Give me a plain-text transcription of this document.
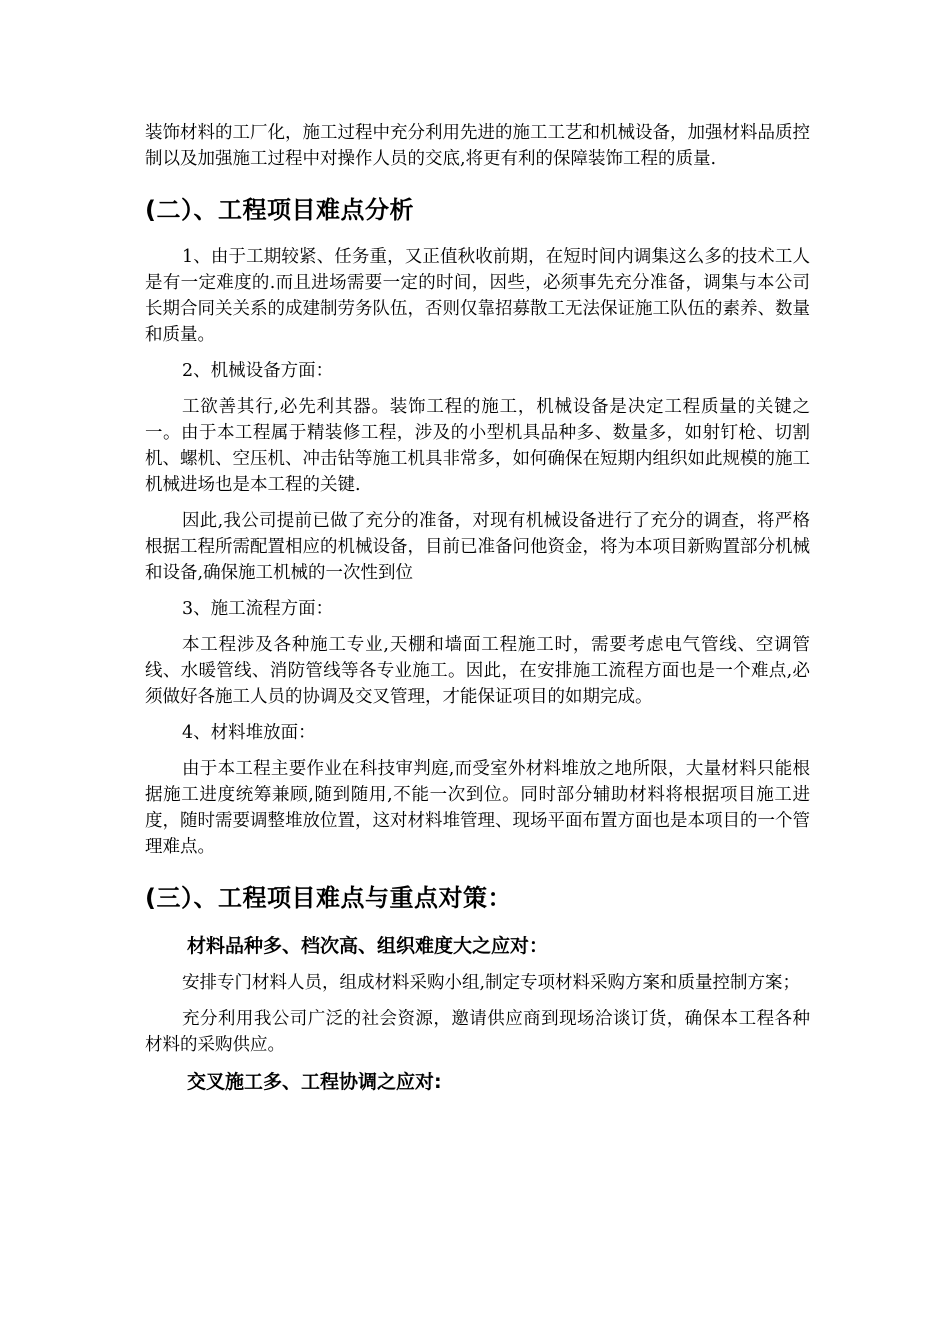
装饰材料的工厂化，施工过程中充分利用先进的施工工艺和机械设备，加强材料品质控制以及加强施工过程中对操作人员的交底,将更有利的保障装饰工程的质量.

(二）、工程项目难点分析

1、由于工期较紧、任务重，又正值秋收前期，在短时间内调集这么多的技术工人是有一定难度的.而且进场需要一定的时间，因些，必须事先充分准备，调集与本公司长期合同关关系的成建制劳务队伍，否则仅靠招募散工无法保证施工队伍的素养、数量和质量。

2、机械设备方面：

工欲善其行,必先利其器。装饰工程的施工，机械设备是决定工程质量的关键之一。由于本工程属于精装修工程，涉及的小型机具品种多、数量多，如射钉枪、切割机、螺机、空压机、冲击钻等施工机具非常多，如何确保在短期内组织如此规模的施工机械进场也是本工程的关键.

因此,我公司提前已做了充分的准备，对现有机械设备进行了充分的调查，将严格根据工程所需配置相应的机械设备，目前已准备问他资金，将为本项目新购置部分机械和设备,确保施工机械的一次性到位

3、施工流程方面：

本工程涉及各种施工专业,天棚和墙面工程施工时，需要考虑电气管线、空调管线、水暖管线、消防管线等各专业施工。因此，在安排施工流程方面也是一个难点,必须做好各施工人员的协调及交叉管理，才能保证项目的如期完成。

4、材料堆放面：

由于本工程主要作业在科技审判庭,而受室外材料堆放之地所限，大量材料只能根据施工进度统筹兼顾,随到随用,不能一次到位。同时部分辅助材料将根据项目施工进度，随时需要调整堆放位置，这对材料堆管理、现场平面布置方面也是本项目的一个管理难点。

(三）、工程项目难点与重点对策：
材料品种多、档次高、组织难度大之应对：

安排专门材料人员，组成材料采购小组,制定专项材料采购方案和质量控制方案；

充分利用我公司广泛的社会资源，邀请供应商到现场洽谈订货，确保本工程各种材料的采购供应。

交叉施工多、工程协调之应对:
